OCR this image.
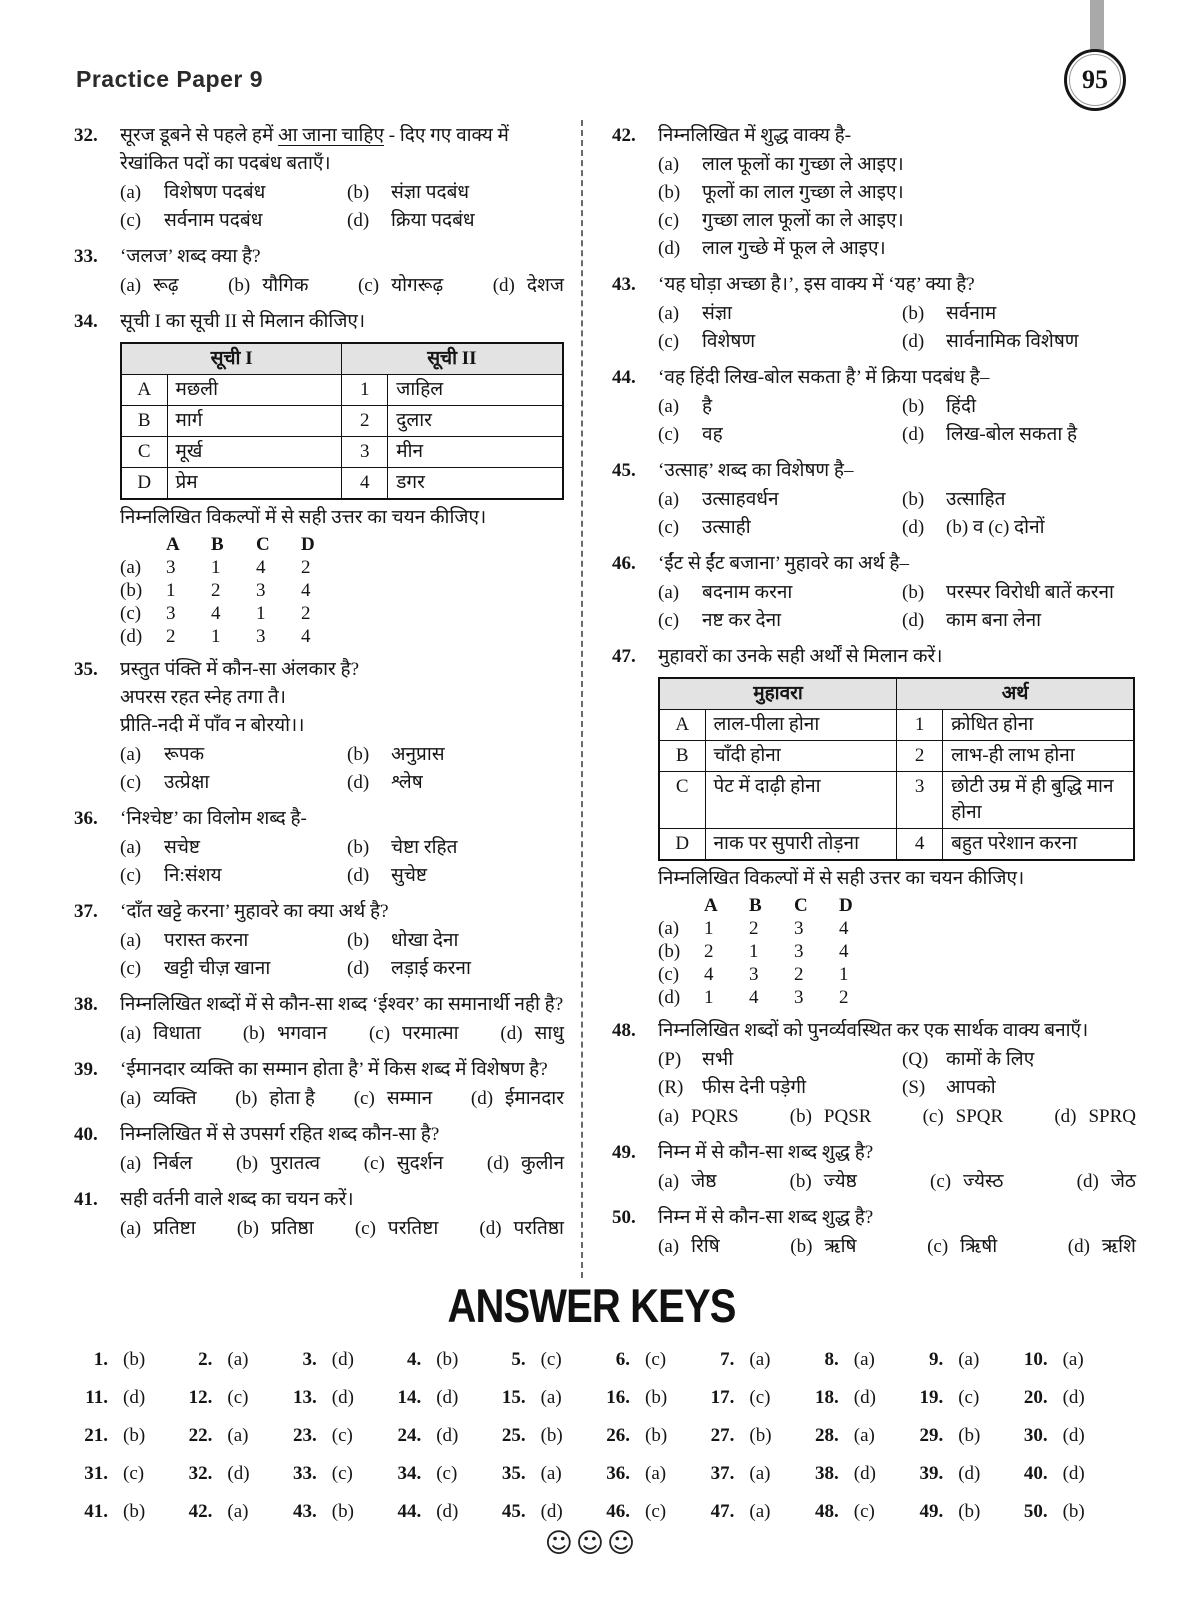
Practice Paper 9	95
32.	सूरज डूबने से पहले हमें आ जाना चाहिए - दिए गए वाक्य में रेखांकित पदों का पदबंध बताएँ।
(a)	विशेषण पदबंध	(b)	संज्ञा पदबंध
(c)	सर्वनाम पदबंध	(d)	क्रिया पदबंध
33.	‘जलज’ शब्द क्या है?
(a) रूढ़	(b) यौगिक	(c) योगरूढ़	(d) देशज
34.	सूची I का सूची II से मिलान कीजिए।
सूची I		सूची II	
A	मछली	1	जाहिल
B	मार्ग	2	दुलार
C	मूर्ख	3	मीन
D	प्रेम	4	डगर
निम्नलिखित विकल्पों में से सही उत्तर का चयन कीजिए।
A	B	C	D
(a)	3	1	4	2
(b)	1	2	3	4
(c)	3	4	1	2
(d)	2	1	3	4
35.	प्रस्तुत पंक्ति में कौन-सा अंलकार है?
अपरस रहत स्नेह तगा तै।
प्रीति-नदी में पाँव न बोरयो।।
(a)	रूपक	(b)	अनुप्रास
(c)	उत्प्रेक्षा	(d)	श्लेष
36.	‘निश्चेष्ट’ का विलोम शब्द है-
(a)	सचेष्ट	(b)	चेष्टा रहित
(c)	नि:संशय	(d)	सुचेष्ट
37.	‘दाँत खट्टे करना’ मुहावरे का क्या अर्थ है?
(a)	परास्त करना	(b)	धोखा देना
(c)	खट्टी चीज़ खाना	(d)	लड़ाई करना
38.	निम्नलिखित शब्दों में से कौन-सा शब्द ‘ईश्वर’ का समानार्थी नही है?
(a) विधाता (b) भगवान (c) परमात्मा (d) साधु
39.	‘ईमानदार व्यक्ति का सम्मान होता है’ में किस शब्द में विशेषण है?
(a) व्यक्ति (b) होता है (c) सम्मान (d) ईमानदार
40.	निम्नलिखित में से उपसर्ग रहित शब्द कौन-सा है?
(a) निर्बल (b) पुरातत्व (c) सुदर्शन (d) कुलीन
41.	सही वर्तनी वाले शब्द का चयन करें।
(a) प्रतिष्टा (b) प्रतिष्ठा (c) परतिष्टा (d) परतिष्ठा
42.	निम्नलिखित में शुद्ध वाक्य है-
(a)	लाल फूलों का गुच्छा ले आइए।
(b)	फूलों का लाल गुच्छा ले आइए।
(c)	गुच्छा लाल फूलों का ले आइए।
(d)	लाल गुच्छे में फूल ले आइए।
43.	‘यह घोड़ा अच्छा है।’, इस वाक्य में ‘यह’ क्या है?
(a)	संज्ञा	(b)	सर्वनाम
(c)	विशेषण	(d)	सार्वनामिक विशेषण
44.	‘वह हिंदी लिख-बोल सकता है’ में क्रिया पदबंध है–
(a)	है	(b)	हिंदी
(c)	वह	(d)	लिख-बोल सकता है
45.	‘उत्साह’ शब्द का विशेषण है–
(a)	उत्साहवर्धन	(b)	उत्साहित
(c)	उत्साही	(d)	(b) व (c) दोनों
46.	‘ईंट से ईंट बजाना’ मुहावरे का अर्थ है–
(a)	बदनाम करना	(b)	परस्पर विरोधी बातें करना
(c)	नष्ट कर देना	(d)	काम बना लेना
47.	मुहावरों का उनके सही अर्थों से मिलान करें।
मुहावरा		अर्थ	
A	लाल-पीला होना	1	क्रोधित होना
B	चाँदी होना	2	लाभ-ही लाभ होना
C	पेट में दाढ़ी होना	3	छोटी उम्र में ही बुद्धि मान होना
D	नाक पर सुपारी तोड़ना	4	बहुत परेशान करना
निम्नलिखित विकल्पों में से सही उत्तर का चयन कीजिए।
A	B	C	D
(a)	1	2	3	4
(b)	2	1	3	4
(c)	4	3	2	1
(d)	1	4	3	2
48.	निम्नलिखित शब्दों को पुनर्व्यवस्थित कर एक सार्थक वाक्य बनाएँ।
(P)	सभी	(Q) कामों के लिए
(R) फीस देनी पड़ेगी	(S)	आपको
(a) PQRS	(b) PQSR	(c) SPQR	(d) SPRQ
49.	निम्न में से कौन-सा शब्द शुद्ध है?
(a) जेष्ठ	(b) ज्येष्ठ	(c) ज्येस्ठ	(d) जेठ
50.	निम्न में से कौन-सा शब्द शुद्ध है?
(a) रिषि	(b) ऋषि	(c) ऋिषी	(d) ऋशि
ANSWER KEYS
1. (b)	2. (a)	3. (d)	4. (b)	5. (c)	6. (c)	7. (a)	8. (a)	9. (a)	10. (a)
11. (d)	12. (c)	13. (d)	14. (d)	15. (a)	16. (b)	17. (c)	18. (d)	19. (c)	20. (d)
21. (b)	22. (a)	23. (c)	24. (d)	25. (b)	26. (b)	27. (b)	28. (a)	29. (b)	30. (d)
31. (c)	32. (d)	33. (c)	34. (c)	35. (a)	36. (a)	37. (a)	38. (d)	39. (d)	40. (d)
41. (b)	42. (a)	43. (b)	44. (d)	45. (d)	46. (c)	47. (a)	48. (c)	49. (b)	50. (b)
☺☺☺
